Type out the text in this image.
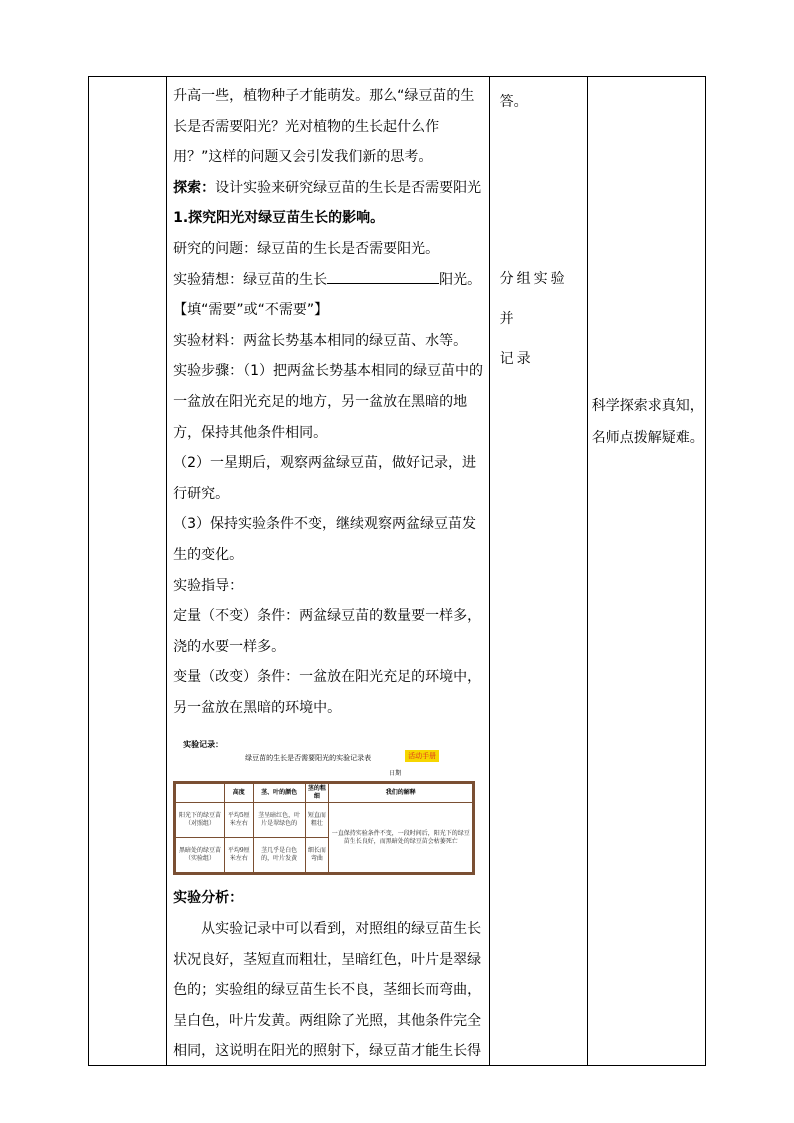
升高一些，植物种子才能萌发。那么“绿豆苗的生长是否需要阳光？光对植物的生长起什么作用？”这样的问题又会引发我们新的思考。

探索：设计实验来研究绿豆苗的生长是否需要阳光

1.探究阳光对绿豆苗生长的影响。

研究的问题：绿豆苗的生长是否需要阳光。

实验猜想：绿豆苗的生长	阳光。

【填“需要”或“不需要”】

实验材料：两盆长势基本相同的绿豆苗、水等。

实验步骤：（1）把两盆长势基本相同的绿豆苗中的一盆放在阳光充足的地方，另一盆放在黑暗的地方，保持其他条件相同。

（2）一星期后，观察两盆绿豆苗，做好记录，进行研究。

（3）保持实验条件不变，继续观察两盆绿豆苗发生的变化。

实验指导：

定量（不变）条件：两盆绿豆苗的数量要一样多，浇的水要一样多。

变量（改变）条件：一盆放在阳光充足的环境中，另一盆放在黑暗的环境中。

实验记录：
绿豆苗的生长是否需要阳光的实验记录表	活动手册
日期
	高度	茎、叶的颜色	茎的粗细	我们的解释
阳光下的绿豆苗（对照组）	平均5厘米左右	茎呈暗红色，叶片是翠绿色的	短直而粗壮	一直保持实验条件不变，一段时间后，阳光下的绿豆苗生长良好，而黑暗处的绿豆苗会枯萎死亡
黑暗处的绿豆苗（实验组）	平均9厘米左右	茎几乎是白色的，叶片发黄	细长而弯曲

实验分析：

从实验记录中可以看到，对照组的绿豆苗生长状况良好，茎短直而粗壮，呈暗红色，叶片是翠绿色的；实验组的绿豆苗生长不良，茎细长而弯曲，呈白色，叶片发黄。两组除了光照，其他条件完全相同，这说明在阳光的照射下，绿豆苗才能生长得

答。

分组实验并
记录

科学探索求真知，

名师点拨解疑难。
